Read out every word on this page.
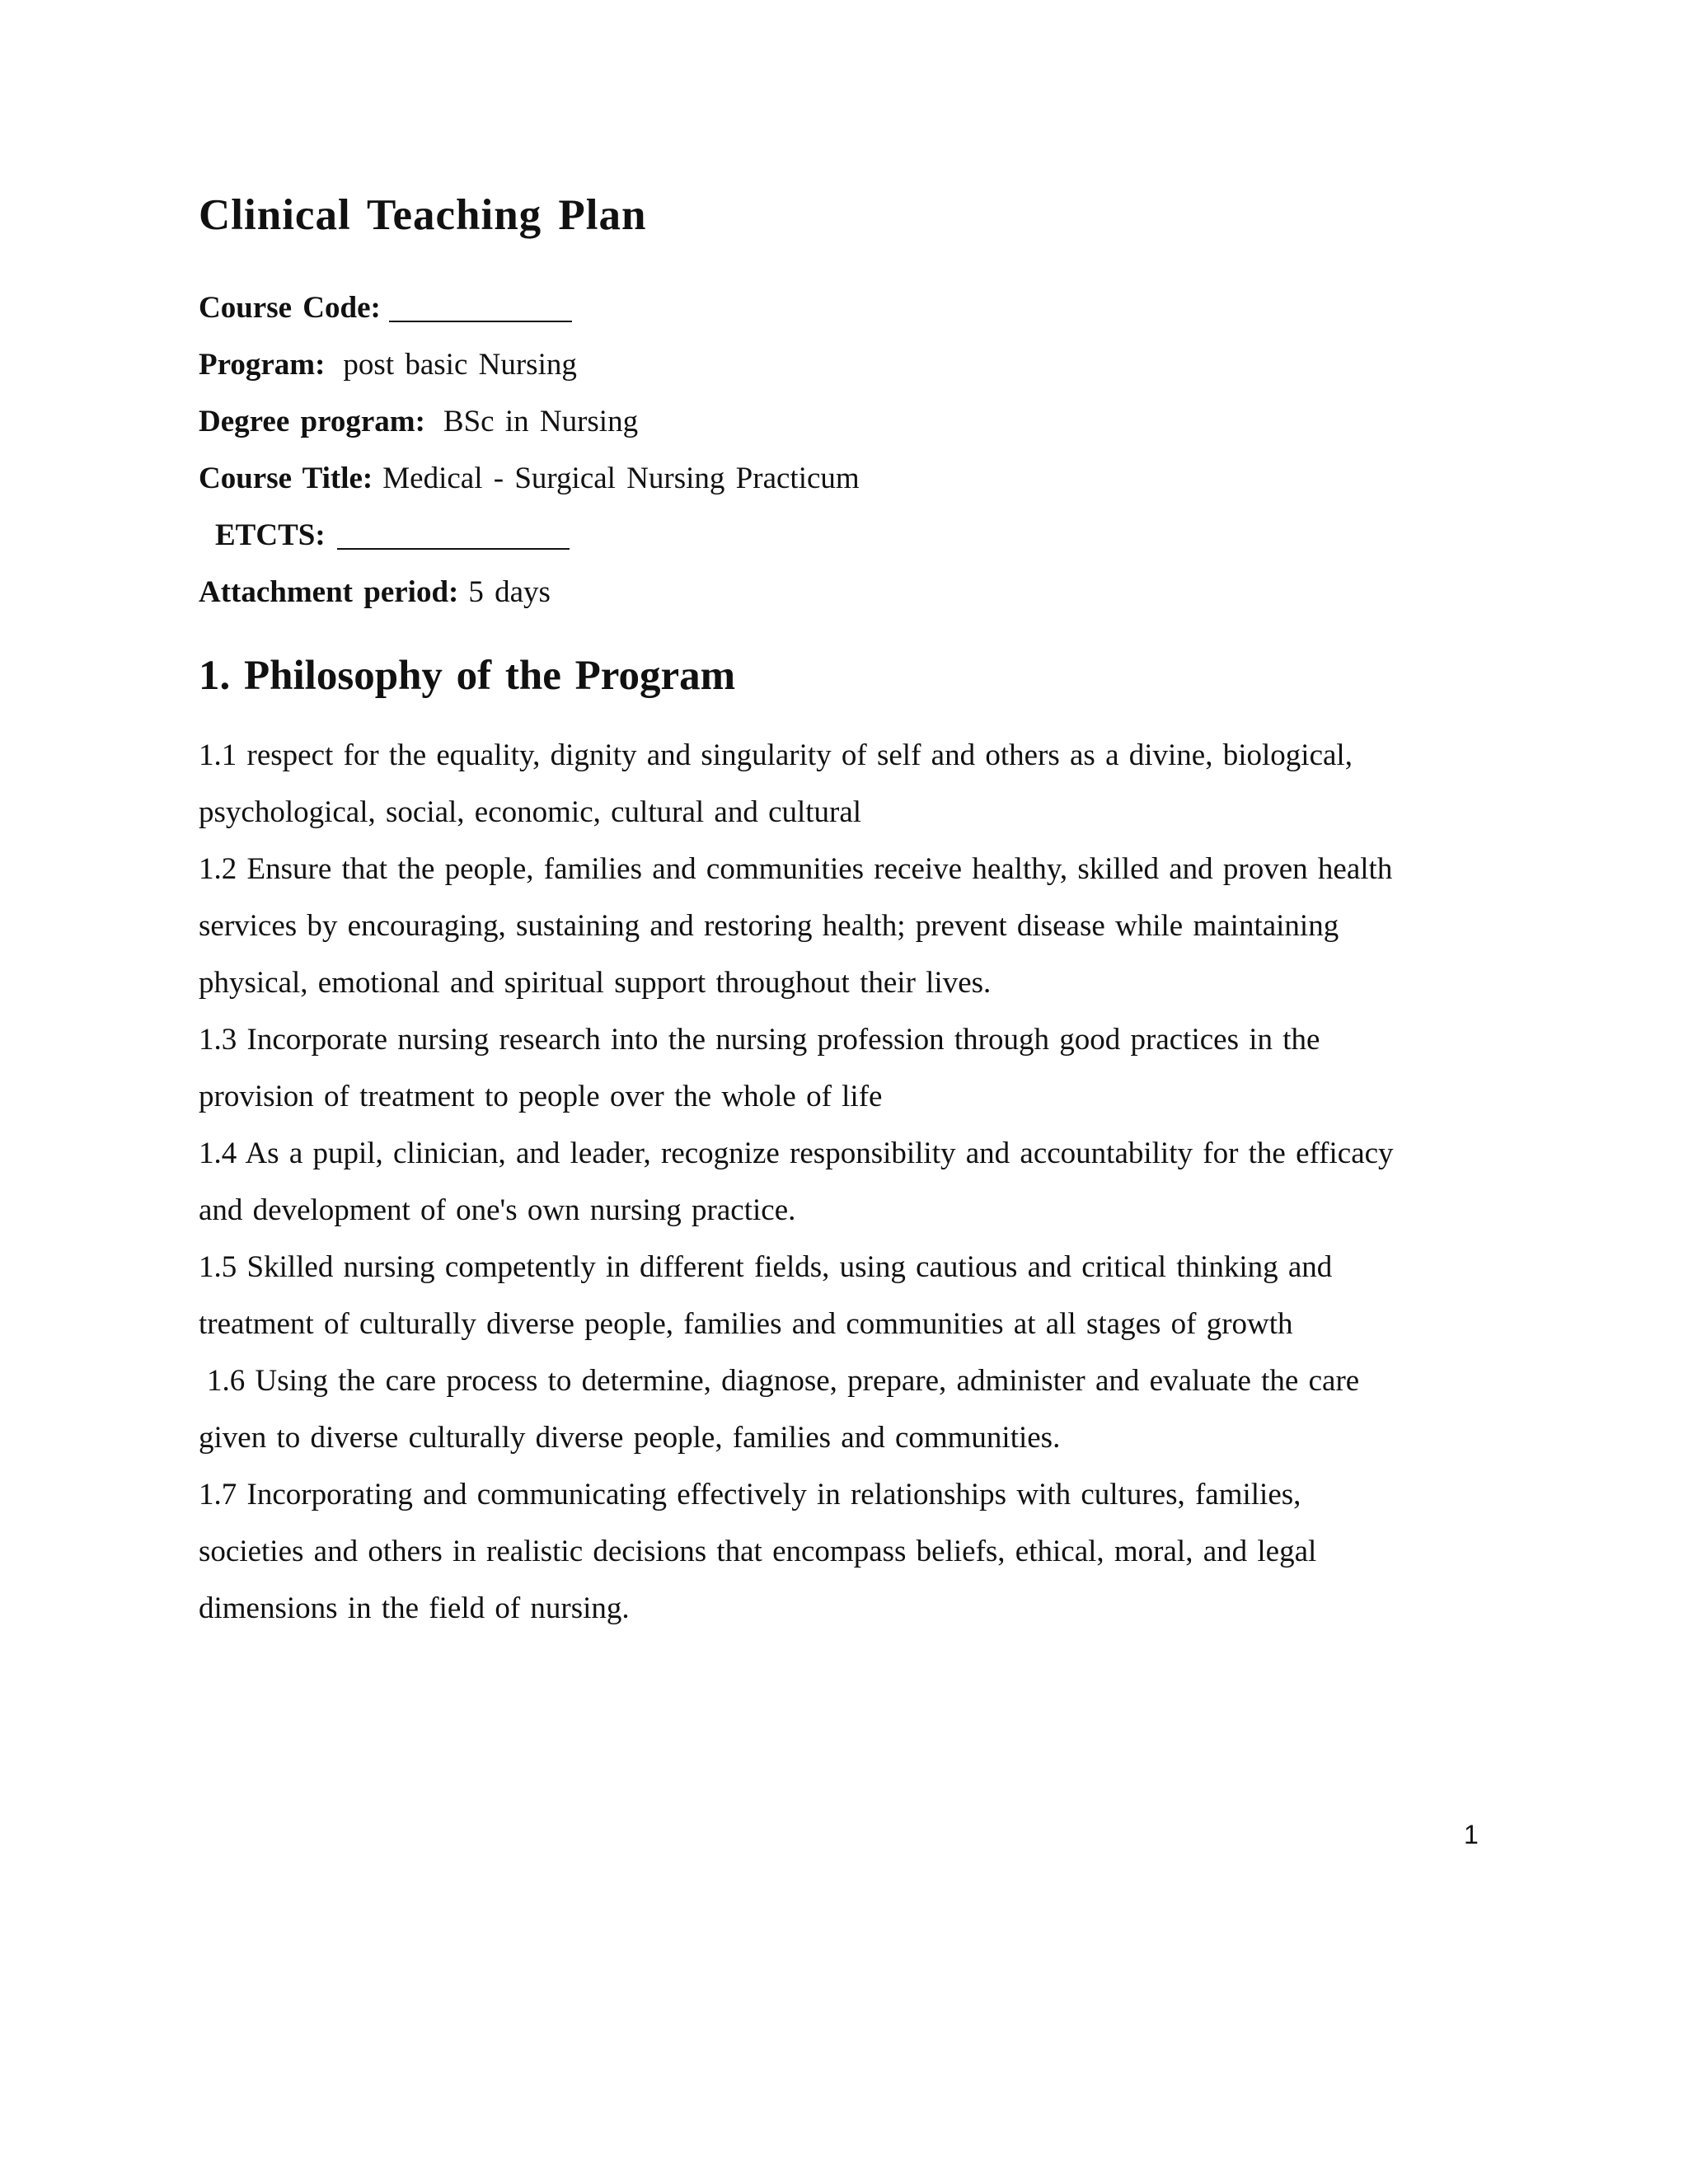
Clinical Teaching Plan
Course Code:
Program: post basic Nursing
Degree program: BSc in Nursing
Course Title: Medical - Surgical Nursing Practicum
ETCTS:
Attachment period: 5 days
1. Philosophy of the Program
1.1 respect for the equality, dignity and singularity of self and others as a divine, biological,
psychological, social, economic, cultural and cultural
1.2 Ensure that the people, families and communities receive healthy, skilled and proven health
services by encouraging, sustaining and restoring health; prevent disease while maintaining
physical, emotional and spiritual support throughout their lives.
1.3 Incorporate nursing research into the nursing profession through good practices in the
provision of treatment to people over the whole of life
1.4 As a pupil, clinician, and leader, recognize responsibility and accountability for the efficacy
and development of one's own nursing practice.
1.5 Skilled nursing competently in different fields, using cautious and critical thinking and
treatment of culturally diverse people, families and communities at all stages of growth
1.6 Using the care process to determine, diagnose, prepare, administer and evaluate the care
given to diverse culturally diverse people, families and communities.
1.7 Incorporating and communicating effectively in relationships with cultures, families,
societies and others in realistic decisions that encompass beliefs, ethical, moral, and legal
dimensions in the field of nursing.
1
